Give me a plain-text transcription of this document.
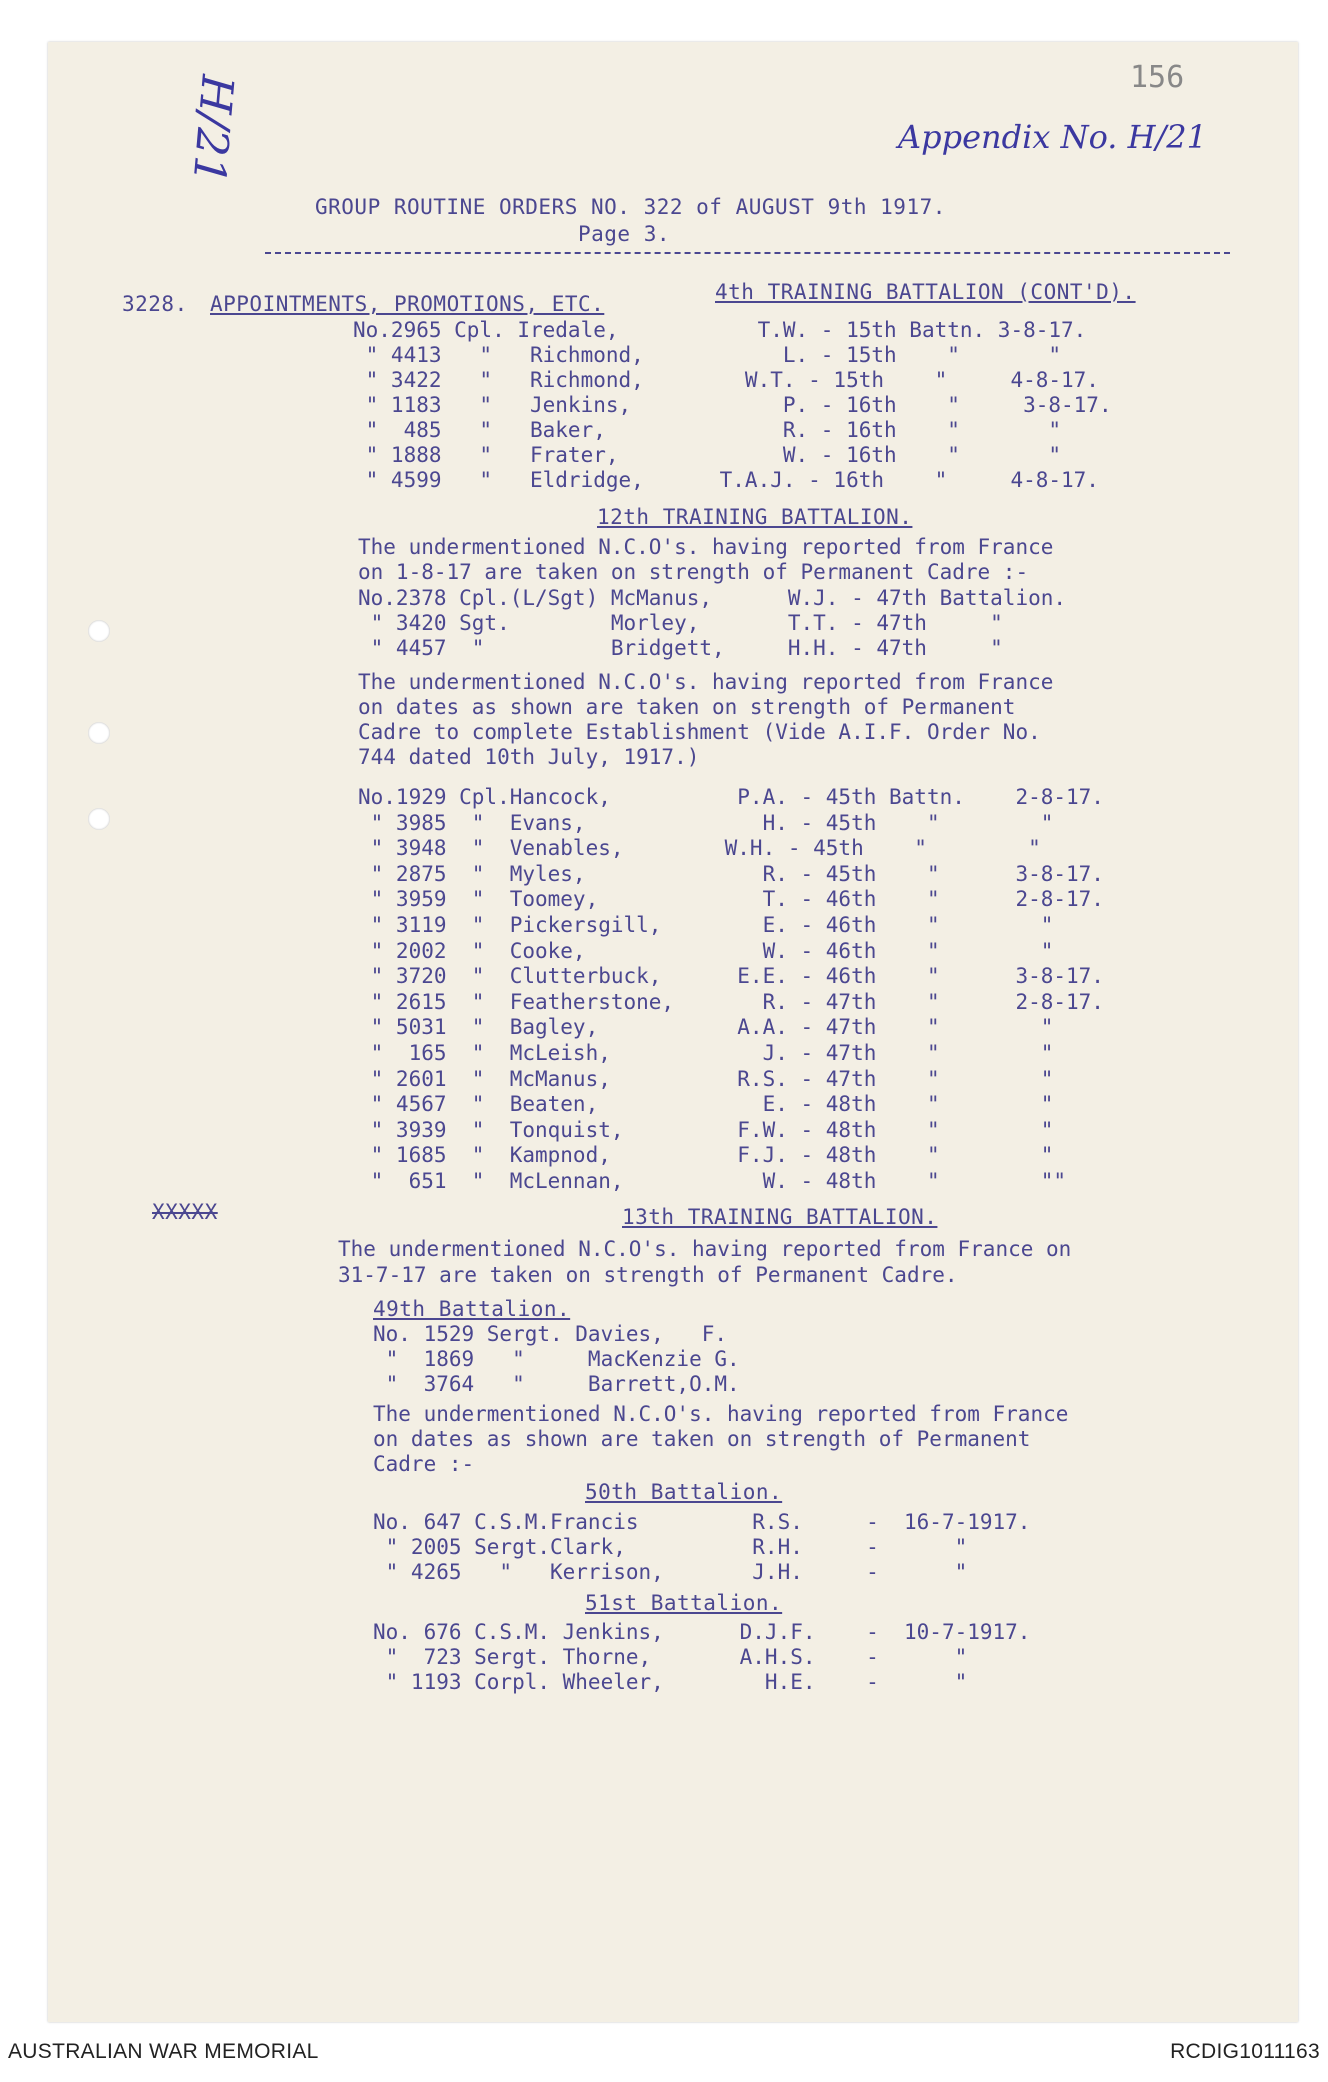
156
Appendix No. H/21
H/21
GROUP ROUTINE ORDERS NO. 322 of AUGUST 9th 1917.
Page 3.
3228. APPOINTMENTS, PROMOTIONS, ETC.	4th TRAINING BATTALION (CONT'D).
No.2965 Cpl. Iredale,           T.W. - 15th Battn. 3-8-17.
" 4413   "   Richmond,           L. - 15th    "       "
" 3422   "   Richmond,        W.T. - 15th    "     4-8-17.
" 1183   "   Jenkins,            P. - 16th    "     3-8-17.
"  485   "   Baker,              R. - 16th    "       "
" 1888   "   Frater,             W. - 16th    "       "
" 4599   "   Eldridge,      T.A.J. - 16th    "     4-8-17.
12th TRAINING BATTALION.
The undermentioned N.C.O's. having reported from France
on 1-8-17 are taken on strength of Permanent Cadre :-
No.2378 Cpl.(L/Sgt) McManus,      W.J. - 47th Battalion.
" 3420 Sgt.        Morley,       T.T. - 47th     "
" 4457  "          Bridgett,     H.H. - 47th     "
The undermentioned N.C.O's. having reported from France
on dates as shown are taken on strength of Permanent
Cadre to complete Establishment (Vide A.I.F. Order No.
744 dated 10th July, 1917.)
No.1929 Cpl.Hancock,          P.A. - 45th Battn.    2-8-17.
" 3985  "  Evans,              H. - 45th    "        "
" 3948  "  Venables,        W.H. - 45th    "        "
" 2875  "  Myles,              R. - 45th    "      3-8-17.
" 3959  "  Toomey,             T. - 46th    "      2-8-17.
" 3119  "  Pickersgill,        E. - 46th    "        "
" 2002  "  Cooke,              W. - 46th    "        "
" 3720  "  Clutterbuck,      E.E. - 46th    "      3-8-17.
" 2615  "  Featherstone,       R. - 47th    "      2-8-17.
" 5031  "  Bagley,           A.A. - 47th    "        "
"  165  "  McLeish,            J. - 47th    "        "
" 2601  "  McManus,          R.S. - 47th    "        "
" 4567  "  Beaten,             E. - 48th    "        "
" 3939  "  Tonquist,         F.W. - 48th    "        "
" 1685  "  Kampnod,          F.J. - 48th    "        "
"  651  "  McLennan,           W. - 48th    "        ""
XXXXX	13th TRAINING BATTALION.
The undermentioned N.C.O's. having reported from France on
31-7-17 are taken on strength of Permanent Cadre.
49th Battalion.
No. 1529 Sergt. Davies,   F.
"  1869   "     MacKenzie G.
"  3764   "     Barrett,O.M.
The undermentioned N.C.O's. having reported from France
on dates as shown are taken on strength of Permanent
Cadre :-
50th Battalion.
No. 647 C.S.M.Francis         R.S.     -  16-7-1917.
" 2005 Sergt.Clark,          R.H.     -      "
" 4265   "   Kerrison,       J.H.     -      "
51st Battalion.
No. 676 C.S.M. Jenkins,      D.J.F.    -  10-7-1917.
"  723 Sergt. Thorne,       A.H.S.    -      "
" 1193 Corpl. Wheeler,        H.E.    -      "
AUSTRALIAN WAR MEMORIAL	RCDIG1011163
